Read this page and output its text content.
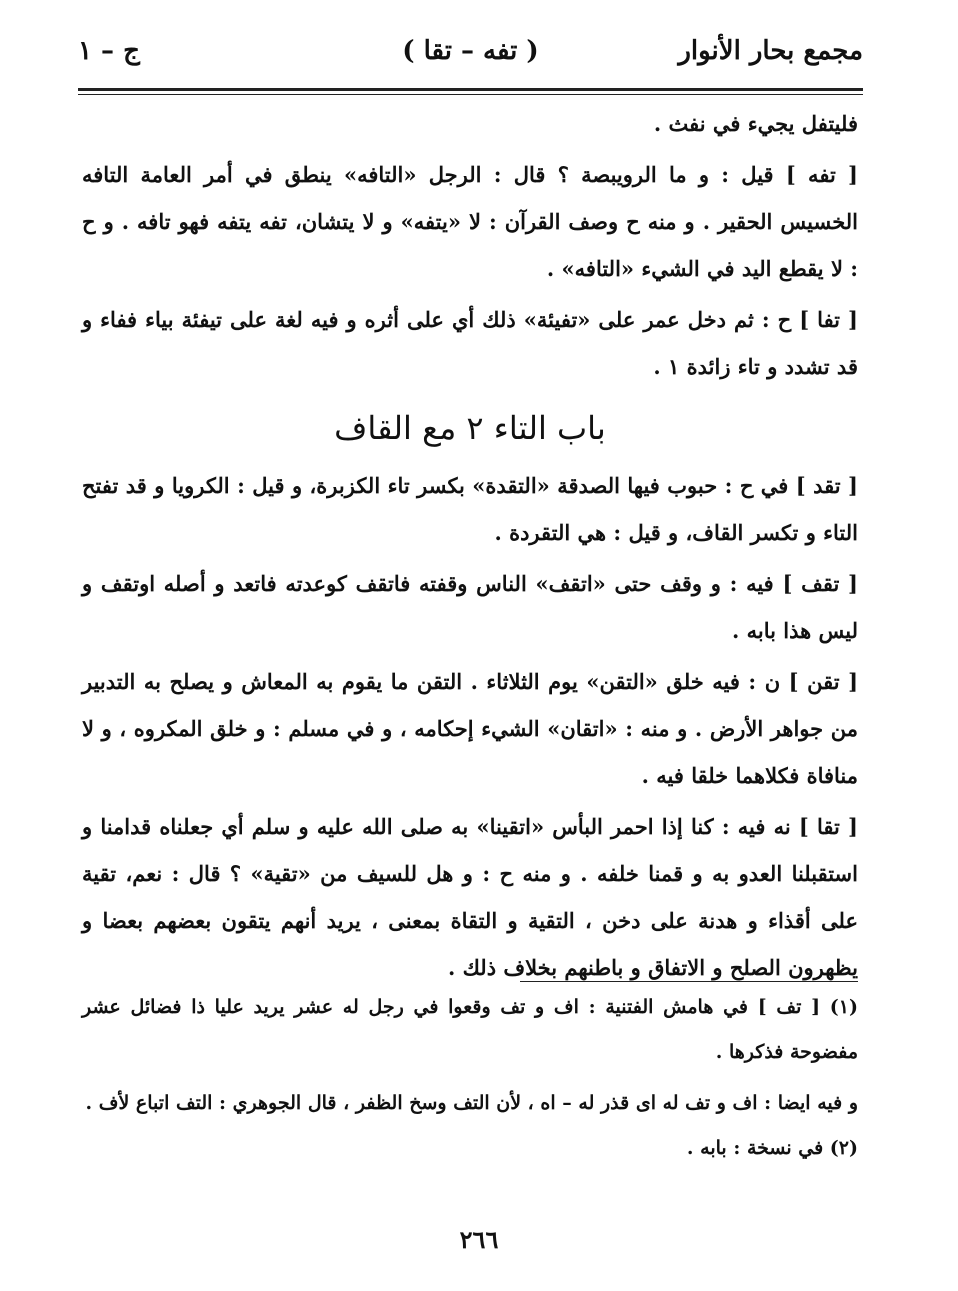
مجمع بحار الأنوار
( تفه – تقا )
ج – ١

فليتفل يجيء في نفث .

[ تفه ] قيل : و ما الرويبصة ؟ قال : الرجل «التافه» ينطق في أمر العامة التافه الخسيس الحقير . و منه ح وصف القرآن : لا «يتفه» و لا يتشان، تفه يتفه فهو تافه . و ح : لا يقطع اليد في الشيء «التافه» .

[ تفا ] ح : ثم دخل عمر على «تفيئة» ذلك أي على أثره و فيه لغة على تيفئة بياء ففاء و قد تشدد و تاء زائدة ١ .

باب التاء ٢ مع القاف

[ تقد ] في ح : حبوب فيها الصدقة «التقدة» بكسر تاء الكزبرة، و قيل : الكرويا و قد تفتح التاء و تكسر القاف، و قيل : هي التقردة .

[ تقف ] فيه : و وقف حتى «اتقف» الناس وقفته فاتقف كوعدته فاتعد و أصله اوتقف و ليس هذا بابه .

[ تقن ] ن : فيه خلق «التقن» يوم الثلاثاء . التقن ما يقوم به المعاش و يصلح به التدبير من جواهر الأرض . و منه : «اتقان» الشيء إحكامه ، و في مسلم : و خلق المكروه ، و لا منافاة فكلاهما خلقا فيه .

[ تقا ] نه فيه : كنا إذا احمر البأس «اتقينا» به صلى الله عليه و سلم أي جعلناه قدامنا و استقبلنا العدو به و قمنا خلفه . و منه ح : و هل للسيف من «تقية» ؟ قال : نعم، تقية على أقذاء و هدنة على دخن ، التقية و التقاة بمعنى ، يريد أنهم يتقون بعضهم بعضا و يظهرون الصلح و الاتفاق و باطنهم بخلاف ذلك .

(١) [ تف ] في هامش الفتنية : اف و تف وقعوا في رجل له عشر يريد عليا ذا فضائل عشر مفضوحة فذكرها .

و فيه ايضا : اف و تف له اى قذر له – اه ، لأن التف وسخ الظفر ، قال الجوهري : التف اتباع لأف .

(٢) في نسخة : بابه .

٢٦٦
